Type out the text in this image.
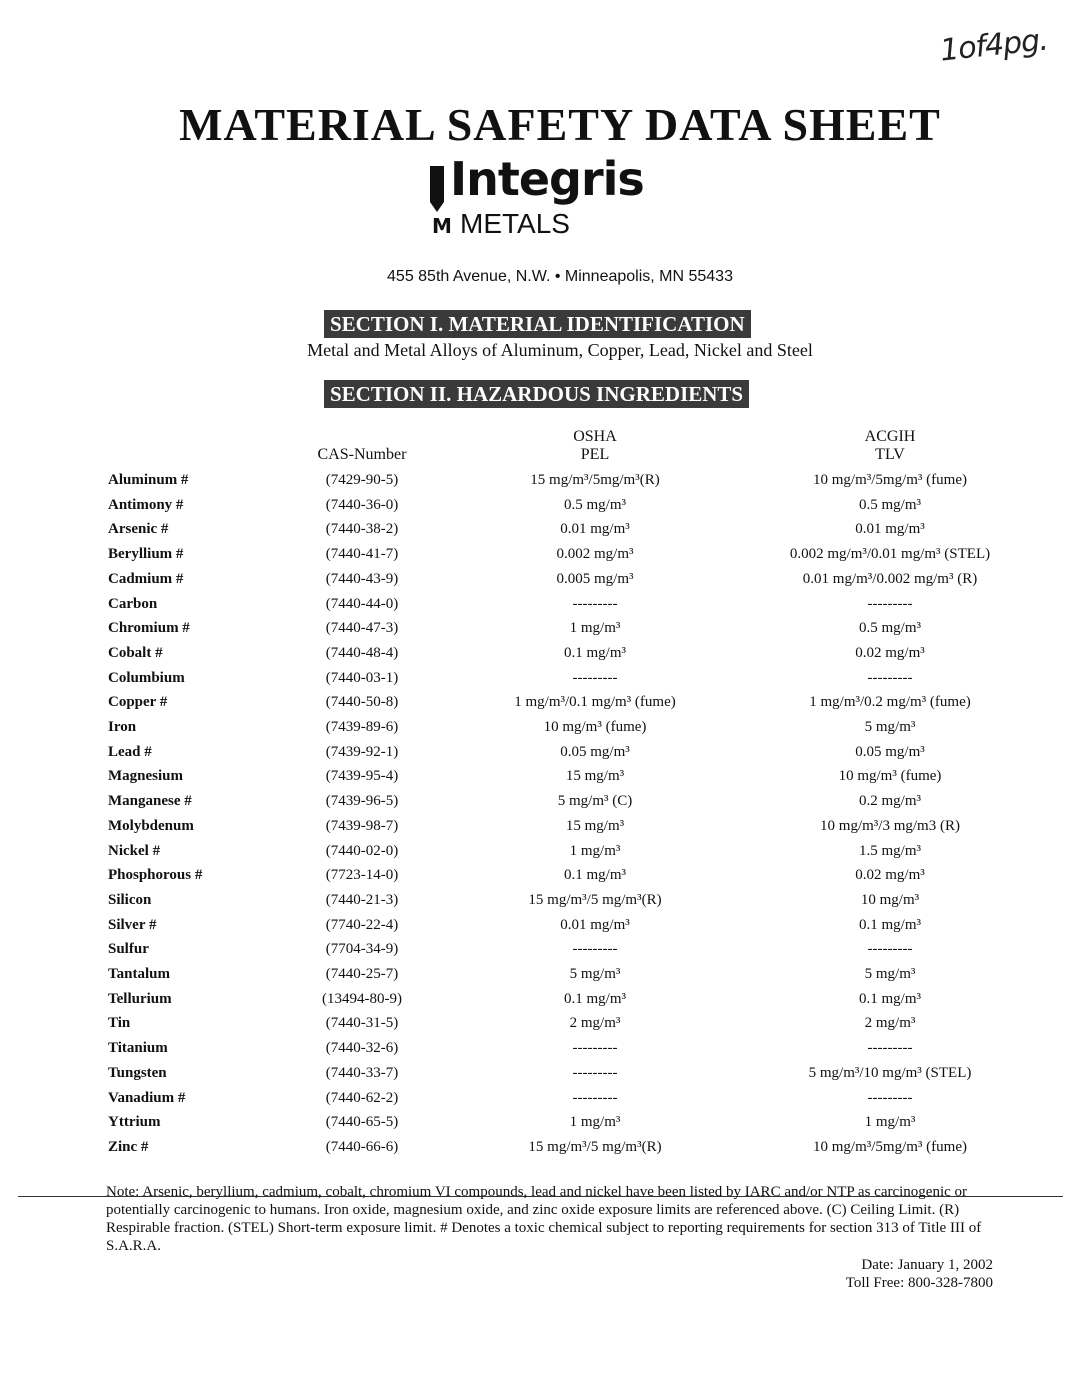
1of4pg.
MATERIAL SAFETY DATA SHEET
Integris
M METALS
455 85th Avenue, N.W. • Minneapolis, MN 55433
SECTION I. MATERIAL IDENTIFICATION
Metal and Metal Alloys of Aluminum, Copper, Lead, Nickel and Steel
SECTION II. HAZARDOUS INGREDIENTS
CAS-Number
OSHA
PEL
ACGIH
TLV
Aluminum #	(7429-90-5)	15 mg/m³/5mg/m³(R)	10 mg/m³/5mg/m³ (fume)
Antimony #	(7440-36-0)	0.5 mg/m³	0.5 mg/m³
Arsenic #	(7440-38-2)	0.01 mg/m³	0.01 mg/m³
Beryllium #	(7440-41-7)	0.002 mg/m³	0.002 mg/m³/0.01 mg/m³ (STEL)
Cadmium #	(7440-43-9)	0.005 mg/m³	0.01 mg/m³/0.002 mg/m³ (R)
Carbon	(7440-44-0)	---------	---------
Chromium #	(7440-47-3)	1 mg/m³	0.5 mg/m³
Cobalt #	(7440-48-4)	0.1 mg/m³	0.02 mg/m³
Columbium	(7440-03-1)	---------	---------
Copper #	(7440-50-8)	1 mg/m³/0.1 mg/m³ (fume)	1 mg/m³/0.2 mg/m³ (fume)
Iron	(7439-89-6)	10 mg/m³ (fume)	5 mg/m³
Lead #	(7439-92-1)	0.05 mg/m³	0.05 mg/m³
Magnesium	(7439-95-4)	15 mg/m³	10 mg/m³ (fume)
Manganese #	(7439-96-5)	5 mg/m³ (C)	0.2 mg/m³
Molybdenum	(7439-98-7)	15 mg/m³	10 mg/m³/3 mg/m3 (R)
Nickel #	(7440-02-0)	1 mg/m³	1.5 mg/m³
Phosphorous #	(7723-14-0)	0.1 mg/m³	0.02 mg/m³
Silicon	(7440-21-3)	15 mg/m³/5 mg/m³(R)	10 mg/m³
Silver #	(7740-22-4)	0.01 mg/m³	0.1 mg/m³
Sulfur	(7704-34-9)	---------	---------
Tantalum	(7440-25-7)	5 mg/m³	5 mg/m³
Tellurium	(13494-80-9)	0.1 mg/m³	0.1 mg/m³
Tin	(7440-31-5)	2 mg/m³	2 mg/m³
Titanium	(7440-32-6)	---------	---------
Tungsten	(7440-33-7)	---------	5 mg/m³/10 mg/m³ (STEL)
Vanadium #	(7440-62-2)	---------	---------
Yttrium	(7440-65-5)	1 mg/m³	1 mg/m³
Zinc #	(7440-66-6)	15 mg/m³/5 mg/m³(R)	10 mg/m³/5mg/m³ (fume)
Note: Arsenic, beryllium, cadmium, cobalt, chromium VI compounds, lead and nickel have been listed by IARC and/or NTP as carcinogenic or potentially carcinogenic to humans. Iron oxide, magnesium oxide, and zinc oxide exposure limits are referenced above. (C) Ceiling Limit. (R) Respirable fraction. (STEL) Short-term exposure limit. # Denotes a toxic chemical subject to reporting requirements for section 313 of Title III of S.A.R.A.
Date: January 1, 2002
Toll Free: 800-328-7800
